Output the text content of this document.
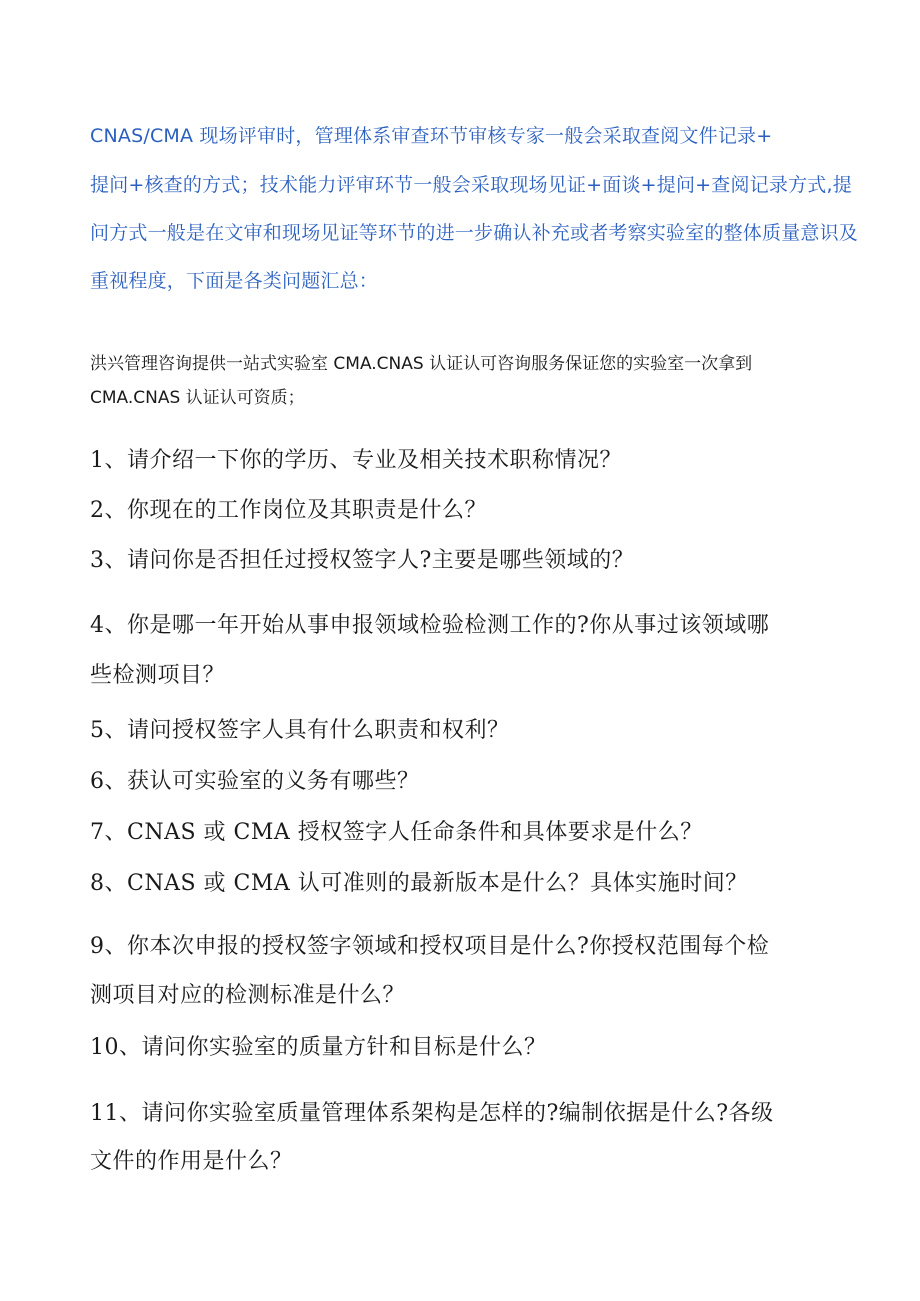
CNAS/CMA 现场评审时，管理体系审查环节审核专家一般会采取查阅文件记录+

提问+核查的方式；技术能力评审环节一般会采取现场见证+面谈+提问+查阅记录方式,提

问方式一般是在文审和现场见证等环节的进一步确认补充或者考察实验室的整体质量意识及

重视程度，下面是各类问题汇总：

洪兴管理咨询提供一站式实验室 CMA.CNAS 认证认可咨询服务保证您的实验室一次拿到

CMA.CNAS 认证认可资质；

1、请介绍一下你的学历、专业及相关技术职称情况？

2、你现在的工作岗位及其职责是什么？

3、请问你是否担任过授权签字人?主要是哪些领域的？

4、你是哪一年开始从事申报领域检验检测工作的?你从事过该领域哪

些检测项目？

5、请问授权签字人具有什么职责和权利？

6、获认可实验室的义务有哪些？

7、CNAS 或 CMA 授权签字人任命条件和具体要求是什么？

8、CNAS 或 CMA 认可准则的最新版本是什么？具体实施时间？

9、你本次申报的授权签字领域和授权项目是什么?你授权范围每个检

测项目对应的检测标准是什么？

10、请问你实验室的质量方针和目标是什么？

11、请问你实验室质量管理体系架构是怎样的?编制依据是什么?各级

文件的作用是什么？
